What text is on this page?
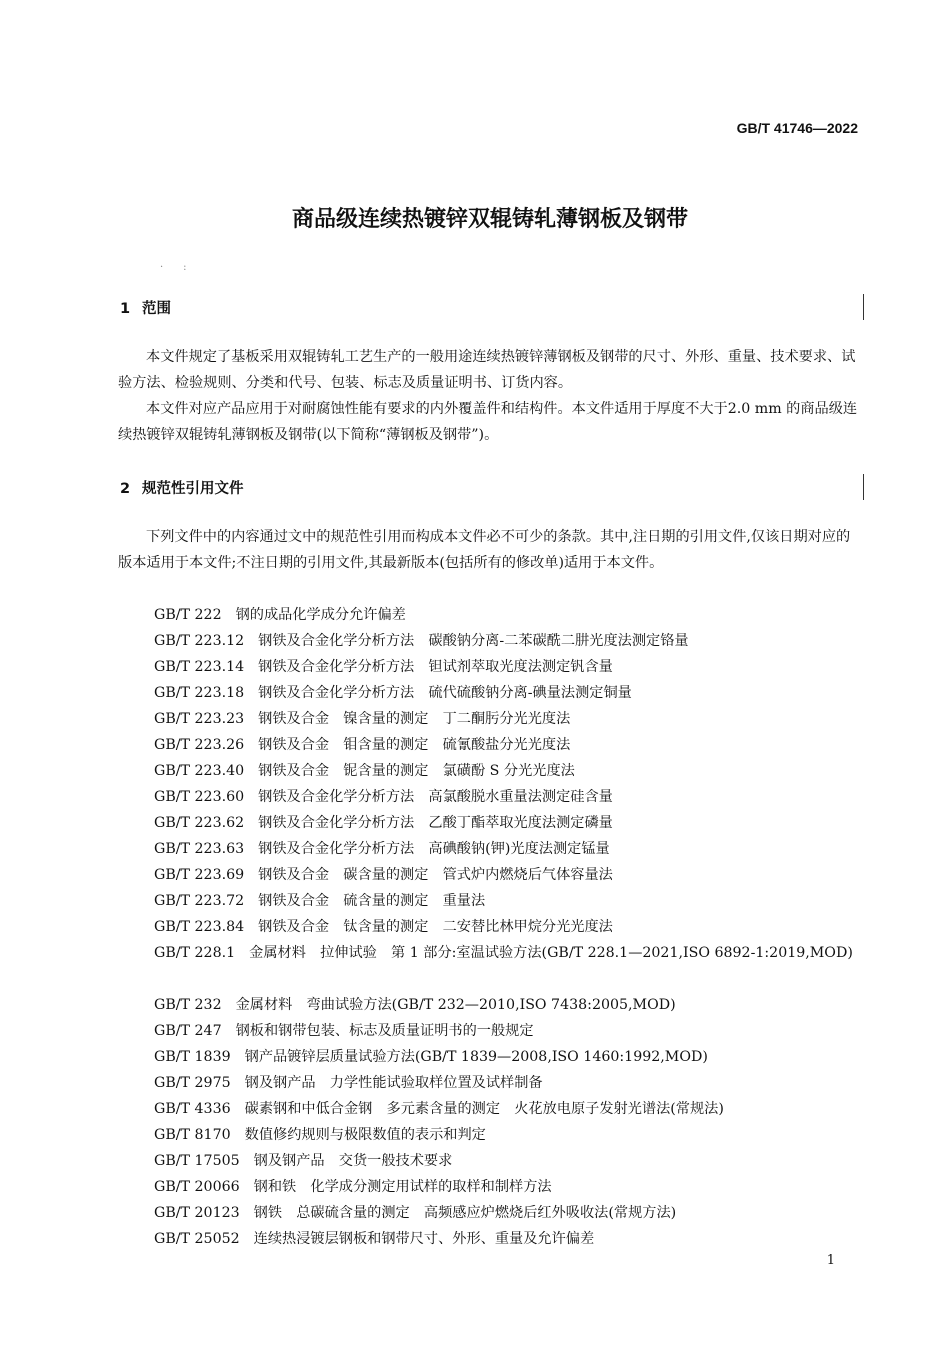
GB/T 41746—2022
商品级连续热镀锌双辊铸轧薄钢板及钢带
·　　:
1 范围
本文件规定了基板采用双辊铸轧工艺生产的一般用途连续热镀锌薄钢板及钢带的尺寸、外形、重量、技术要求、试验方法、检验规则、分类和代号、包装、标志及质量证明书、订货内容。
本文件对应产品应用于对耐腐蚀性能有要求的内外覆盖件和结构件。本文件适用于厚度不大于2.0 mm 的商品级连续热镀锌双辊铸轧薄钢板及钢带(以下简称“薄钢板及钢带”)。
2 规范性引用文件
下列文件中的内容通过文中的规范性引用而构成本文件必不可少的条款。其中,注日期的引用文件,仅该日期对应的版本适用于本文件;不注日期的引用文件,其最新版本(包括所有的修改单)适用于本文件。
GB/T 222 钢的成品化学成分允许偏差
GB/T 223.12 钢铁及合金化学分析方法　碳酸钠分离-二苯碳酰二肼光度法测定铬量
GB/T 223.14 钢铁及合金化学分析方法　钽试剂萃取光度法测定钒含量
GB/T 223.18 钢铁及合金化学分析方法　硫代硫酸钠分离-碘量法测定铜量
GB/T 223.23 钢铁及合金　镍含量的测定　丁二酮肟分光光度法
GB/T 223.26 钢铁及合金　钼含量的测定　硫氰酸盐分光光度法
GB/T 223.40 钢铁及合金　铌含量的测定　氯磺酚 S 分光光度法
GB/T 223.60 钢铁及合金化学分析方法　高氯酸脱水重量法测定硅含量
GB/T 223.62 钢铁及合金化学分析方法　乙酸丁酯萃取光度法测定磷量
GB/T 223.63 钢铁及合金化学分析方法　高碘酸钠(钾)光度法测定锰量
GB/T 223.69 钢铁及合金　碳含量的测定　管式炉内燃烧后气体容量法
GB/T 223.72 钢铁及合金　硫含量的测定　重量法
GB/T 223.84 钢铁及合金　钛含量的测定　二安替比林甲烷分光光度法
GB/T 228.1 金属材料　拉伸试验　第 1 部分:室温试验方法(GB/T 228.1—2021,ISO 6892-1:2019,MOD)
GB/T 232 金属材料　弯曲试验方法(GB/T 232—2010,ISO 7438:2005,MOD)
GB/T 247 钢板和钢带包装、标志及质量证明书的一般规定
GB/T 1839 钢产品镀锌层质量试验方法(GB/T 1839—2008,ISO 1460:1992,MOD)
GB/T 2975 钢及钢产品　力学性能试验取样位置及试样制备
GB/T 4336 碳素钢和中低合金钢　多元素含量的测定　火花放电原子发射光谱法(常规法)
GB/T 8170 数值修约规则与极限数值的表示和判定
GB/T 17505 钢及钢产品　交货一般技术要求
GB/T 20066 钢和铁　化学成分测定用试样的取样和制样方法
GB/T 20123 钢铁　总碳硫含量的测定　高频感应炉燃烧后红外吸收法(常规方法)
GB/T 25052 连续热浸镀层钢板和钢带尺寸、外形、重量及允许偏差
1
